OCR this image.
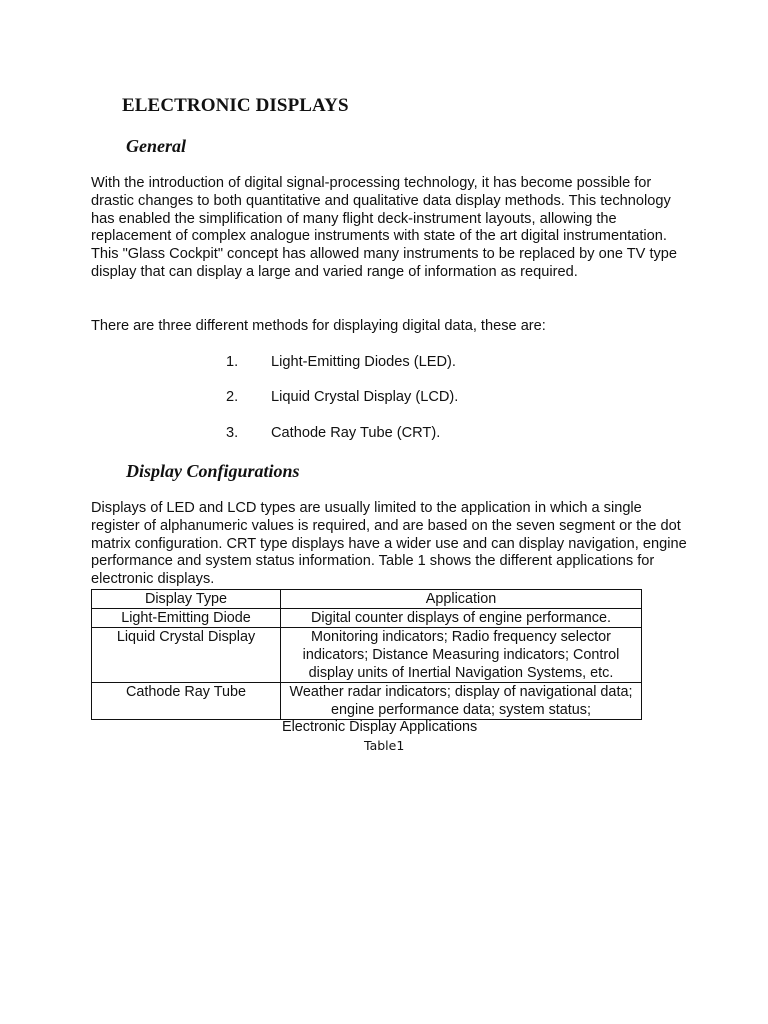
ELECTRONIC DISPLAYS
General

With the introduction of digital signal-processing technology, it has become possible for drastic changes to both quantitative and qualitative data display methods. This technology has enabled the simplification of many flight deck-instrument layouts, allowing the replacement of complex analogue instruments with state of the art digital instrumentation. This "Glass Cockpit" concept has allowed many instruments to be replaced by one TV type display that can display a large and varied range of information as required.

There are three different methods for displaying digital data, these are:

1. Light-Emitting Diodes (LED).
2. Liquid Crystal Display (LCD).
3. Cathode Ray Tube (CRT).
Display Configurations

Displays of LED and LCD types are usually limited to the application in which a single register of alphanumeric values is required, and are based on the seven segment or the dot matrix configuration. CRT type displays have a wider use and can display navigation, engine performance and system status information. Table 1 shows the different applications for electronic displays.

Display Type	Application
Light-Emitting Diode	Digital counter displays of engine performance.
Liquid Crystal Display	Monitoring indicators; Radio frequency selector indicators; Distance Measuring indicators; Control display units of Inertial Navigation Systems, etc.
Cathode Ray Tube	Weather radar indicators; display of navigational data; engine performance data; system status;
Electronic Display Applications
Table1
